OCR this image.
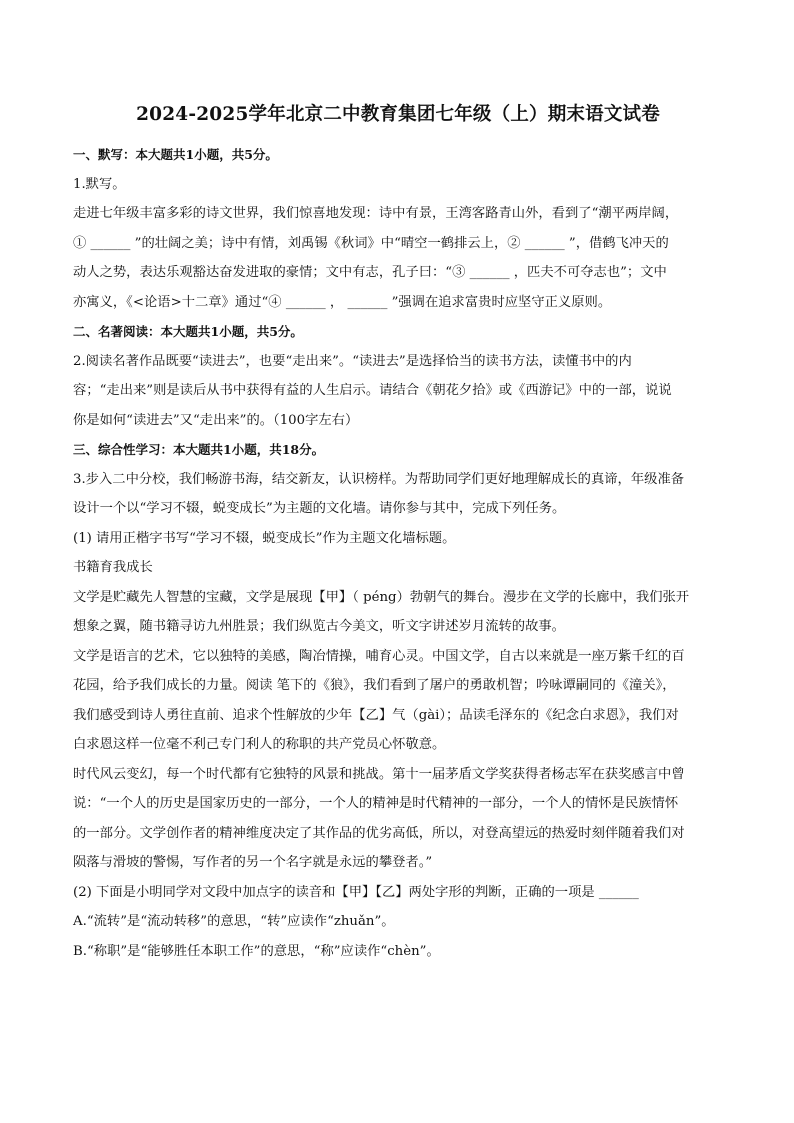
2024-2025学年北京二中教育集团七年级（上）期末语文试卷

一、默写：本大题共1小题，共5分。

1.默写。

走进七年级丰富多彩的诗文世界，我们惊喜地发现：诗中有景，王湾客路青山外，看到了“潮平两岸阔，

① ______ ”的壮阔之美；诗中有情，刘禹锡《秋词》中“晴空一鹤排云上，② ______ ”，借鹤飞冲天的

动人之势，表达乐观豁达奋发进取的豪情；文中有志，孔子曰：“③ ______ ，匹夫不可夺志也”；文中

亦寓义，《<论语>十二章》通过“④ ______ ， ______ ”强调在追求富贵时应坚守正义原则。

二、名著阅读：本大题共1小题，共5分。

2.阅读名著作品既要“读进去”，也要“走出来”。“读进去”是选择恰当的读书方法，读懂书中的内

容；“走出来”则是读后从书中获得有益的人生启示。请结合《朝花夕拾》或《西游记》中的一部，说说

你是如何“读进去”又“走出来”的。（100字左右）

三、综合性学习：本大题共1小题，共18分。

3.步入二中分校，我们畅游书海，结交新友，认识榜样。为帮助同学们更好地理解成长的真谛，年级准备

设计一个以“学习不辍，蜕变成长”为主题的文化墙。请你参与其中，完成下列任务。

(1) 请用正楷字书写“学习不辍，蜕变成长”作为主题文化墙标题。

书籍育我成长

文学是贮藏先人智慧的宝藏，文学是展现【甲】（ péng）勃朝气的舞台。漫步在文学的长廊中，我们张开

想象之翼，随书籍寻访九州胜景；我们纵览古今美文，听文字讲述岁月流转的故事。

文学是语言的艺术，它以独特的美感，陶冶情操，哺育心灵。中国文学，自古以来就是一座万紫千红的百

花园，给予我们成长的力量。阅读 笔下的《狼》，我们看到了屠户的勇敢机智；吟咏谭嗣同的《潼关》，

我们感受到诗人勇往直前、追求个性解放的少年【乙】气（gài）；品读毛泽东的《纪念白求恩》，我们对

白求恩这样一位毫不利己专门利人的称职的共产党员心怀敬意。

时代风云变幻，每一个时代都有它独特的风景和挑战。第十一届茅盾文学奖获得者杨志军在获奖感言中曾

说：“一个人的历史是国家历史的一部分，一个人的精神是时代精神的一部分，一个人的情怀是民族情怀

的一部分。文学创作者的精神维度决定了其作品的优劣高低，所以，对登高望远的热爱时刻伴随着我们对

陨落与滑坡的警惕，写作者的另一个名字就是永远的攀登者。”

(2) 下面是小明同学对文段中加点字的读音和【甲】【乙】两处字形的判断，正确的一项是 ______

A.“流转”是“流动转移”的意思，“转”应读作“zhuǎn”。

B.“称职”是“能够胜任本职工作”的意思，“称”应读作“chèn”。
